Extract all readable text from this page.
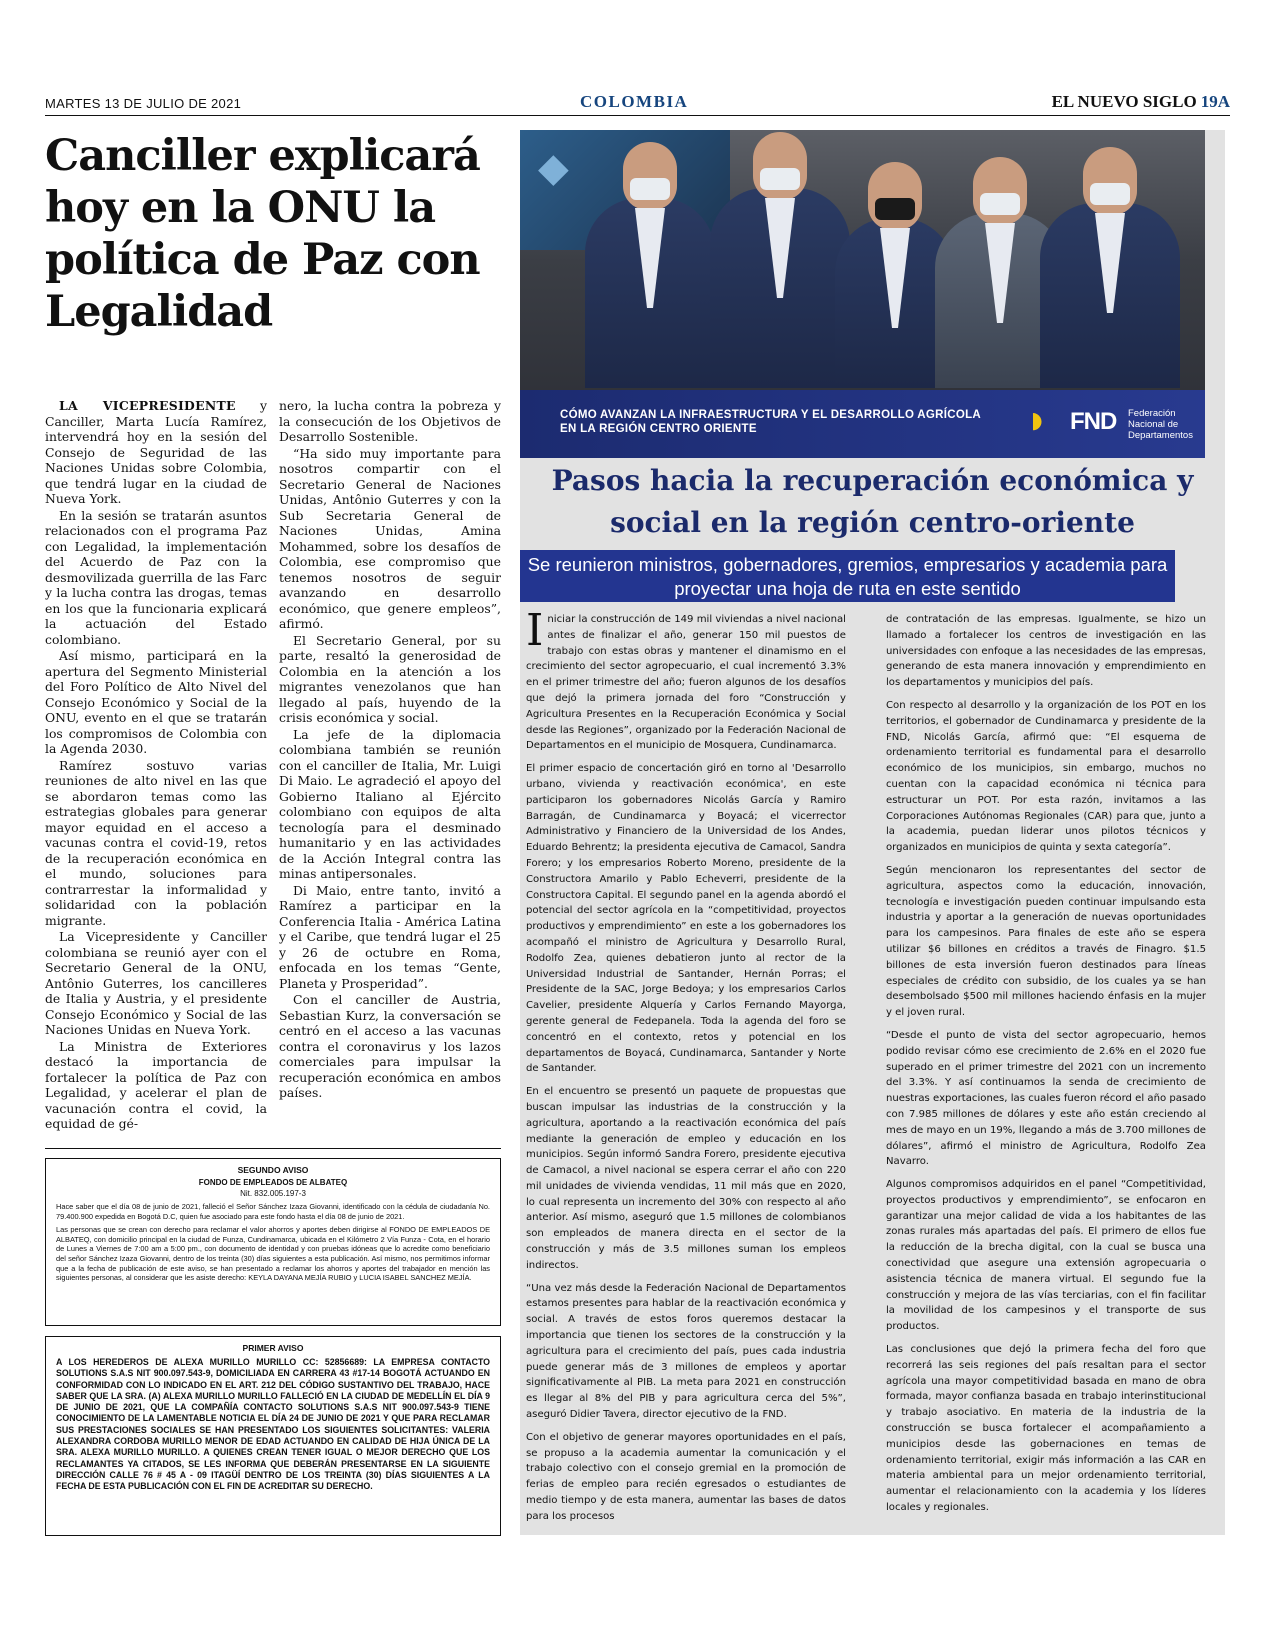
MARTES 13 DE JULIO DE 2021	COLOMBIA	EL NUEVO SIGLO 19A
Canciller explicará hoy en la ONU la política de Paz con Legalidad

LA VICEPRESIDENTE y Canciller, Marta Lucía Ramírez, intervendrá hoy en la sesión del Consejo de Seguridad de las Naciones Unidas sobre Colombia, que tendrá lugar en la ciudad de Nueva York.

En la sesión se tratarán asuntos relacionados con el programa Paz con Legalidad, la implementación del Acuerdo de Paz con la desmovilizada guerrilla de las Farc y la lucha contra las drogas, temas en los que la funcionaria explicará la actuación del Estado colombiano.

Así mismo, participará en la apertura del Segmento Ministerial del Foro Político de Alto Nivel del Consejo Económico y Social de la ONU, evento en el que se tratarán los compromisos de Colombia con la Agenda 2030.

Ramírez sostuvo varias reuniones de alto nivel en las que se abordaron temas como las estrategias globales para generar mayor equidad en el acceso a vacunas contra el covid-19, retos de la recuperación económica en el mundo, soluciones para contrarrestar la informalidad y solidaridad con la población migrante.

La Vicepresidente y Canciller colombiana se reunió ayer con el Secretario General de la ONU, Antônio Guterres, los cancilleres de Italia y Austria, y el presidente Consejo Económico y Social de las Naciones Unidas en Nueva York.

La Ministra de Exteriores destacó la importancia de fortalecer la política de Paz con Legalidad, y acelerar el plan de vacunación contra el covid, la equidad de gé-

nero, la lucha contra la pobreza y la consecución de los Objetivos de Desarrollo Sostenible.

“Ha sido muy importante para nosotros compartir con el Secretario General de Naciones Unidas, Antônio Guterres y con la Sub Secretaria General de Naciones Unidas, Amina Mohammed, sobre los desafíos de Colombia, ese compromiso que tenemos nosotros de seguir avanzando en desarrollo económico, que genere empleos”, afirmó.

El Secretario General, por su parte, resaltó la generosidad de Colombia en la atención a los migrantes venezolanos que han llegado al país, huyendo de la crisis económica y social.

La jefe de la diplomacia colombiana también se reunión con el canciller de Italia, Mr. Luigi Di Maio. Le agradeció el apoyo del Gobierno Italiano al Ejército colombiano con equipos de alta tecnología para el desminado humanitario y en las actividades de la Acción Integral contra las minas antipersonales.

Di Maio, entre tanto, invitó a Ramírez a participar en la Conferencia Italia - América Latina y el Caribe, que tendrá lugar el 25 y 26 de octubre en Roma, enfocada en los temas “Gente, Planeta y Prosperidad”.

Con el canciller de Austria, Sebastian Kurz, la conversación se centró en el acceso a las vacunas contra el coronavirus y los lazos comerciales para impulsar la recuperación económica en ambos países.

SEGUNDO AVISO
FONDO DE EMPLEADOS DE ALBATEQ
Nit. 832.005.197-3
Hace saber que el día 08 de junio de 2021, falleció el Señor Sánchez Izaza Giovanni, identificado con la cédula de ciudadanía No. 79.400.900 expedida en Bogotá D.C, quien fue asociado para este fondo hasta el día 08 de junio de 2021.
Las personas que se crean con derecho para reclamar el valor ahorros y aportes deben dirigirse al FONDO DE EMPLEADOS DE ALBATEQ, con domicilio principal en la ciudad de Funza, Cundinamarca, ubicada en el Kilómetro 2 Vía Funza - Cota, en el horario de Lunes a Viernes de 7:00 am a 5:00 pm., con documento de identidad y con pruebas idóneas que lo acredite como beneficiario del señor Sánchez Izaza Giovanni, dentro de los treinta (30) días siguientes a esta publicación. Así mismo, nos permitimos informar que a la fecha de publicación de este aviso, se han presentado a reclamar los ahorros y aportes del trabajador en mención las siguientes personas, al considerar que les asiste derecho: KEYLA DAYANA MEJÍA RUBIO y LUCIA ISABEL SANCHEZ MEJÍA.
PRIMER AVISO
A LOS HEREDEROS DE ALEXA MURILLO MURILLO CC: 52856689: LA EMPRESA CONTACTO SOLUTIONS S.A.S NIT 900.097.543-9, DOMICILIADA EN CARRERA 43 #17-14 BOGOTÁ ACTUANDO EN CONFORMIDAD CON LO INDICADO EN EL ART. 212 DEL CÓDIGO SUSTANTIVO DEL TRABAJO, HACE SABER QUE LA SRA. (A) ALEXA MURILLO MURILLO FALLECIÓ EN LA CIUDAD DE MEDELLÍN EL DÍA 9 DE JUNIO DE 2021, QUE LA COMPAÑÍA CONTACTO SOLUTIONS S.A.S NIT 900.097.543-9 TIENE CONOCIMIENTO DE LA LAMENTABLE NOTICIA EL DÍA 24 DE JUNIO DE 2021 Y QUE PARA RECLAMAR SUS PRESTACIONES SOCIALES SE HAN PRESENTADO LOS SIGUIENTES SOLICITANTES: VALERIA ALEXANDRA CORDOBA MURILLO MENOR DE EDAD ACTUANDO EN CALIDAD DE HIJA ÚNICA DE LA SRA. ALEXA MURILLO MURILLO. A QUIENES CREAN TENER IGUAL O MEJOR DERECHO QUE LOS RECLAMANTES YA CITADOS, SE LES INFORMA QUE DEBERÁN PRESENTARSE EN LA SIGUIENTE DIRECCIÓN CALLE 76 # 45 A - 09 ITAGÜÍ DENTRO DE LOS TREINTA (30) DÍAS SIGUIENTES A LA FECHA DE ESTA PUBLICACIÓN CON EL FIN DE ACREDITAR SU DERECHO.
◆
CÓMO AVANZAN LA INFRAESTRUCTURA Y EL DESARROLLO AGRÍCOLA EN LA REGIÓN CENTRO ORIENTE	◗ FND Federación Nacional de Departamentos
Pasos hacia la recuperación económica y social en la región centro-oriente
Se reunieron ministros, gobernadores, gremios, empresarios y academia para proyectar una hoja de ruta en este sentido

Iniciar la construcción de 149 mil viviendas a nivel nacional antes de finalizar el año, generar 150 mil puestos de trabajo con estas obras y mantener el dinamismo en el crecimiento del sector agropecuario, el cual incrementó 3.3% en el primer trimestre del año; fueron algunos de los desafíos que dejó la primera jornada del foro “Construcción y Agricultura Presentes en la Recuperación Económica y Social desde las Regiones”, organizado por la Federación Nacional de Departamentos en el municipio de Mosquera, Cundinamarca.

El primer espacio de concertación giró en torno al 'Desarrollo urbano, vivienda y reactivación económica', en este participaron los gobernadores Nicolás García y Ramiro Barragán, de Cundinamarca y Boyacá; el vicerrector Administrativo y Financiero de la Universidad de los Andes, Eduardo Behrentz; la presidenta ejecutiva de Camacol, Sandra Forero; y los empresarios Roberto Moreno, presidente de la Constructora Amarilo y Pablo Echeverri, presidente de la Constructora Capital. El segundo panel en la agenda abordó el potencial del sector agrícola en la “competitividad, proyectos productivos y emprendimiento” en este a los gobernadores los acompañó el ministro de Agricultura y Desarrollo Rural, Rodolfo Zea, quienes debatieron junto al rector de la Universidad Industrial de Santander, Hernán Porras; el Presidente de la SAC, Jorge Bedoya; y los empresarios Carlos Cavelier, presidente Alquería y Carlos Fernando Mayorga, gerente general de Fedepanela. Toda la agenda del foro se concentró en el contexto, retos y potencial en los departamentos de Boyacá, Cundinamarca, Santander y Norte de Santander.

En el encuentro se presentó un paquete de propuestas que buscan impulsar las industrias de la construcción y la agricultura, aportando a la reactivación económica del país mediante la generación de empleo y educación en los municipios. Según informó Sandra Forero, presidente ejecutiva de Camacol, a nivel nacional se espera cerrar el año con 220 mil unidades de vivienda vendidas, 11 mil más que en 2020, lo cual representa un incremento del 30% con respecto al año anterior. Así mismo, aseguró que 1.5 millones de colombianos son empleados de manera directa en el sector de la construcción y más de 3.5 millones suman los empleos indirectos.

“Una vez más desde la Federación Nacional de Departamentos estamos presentes para hablar de la reactivación económica y social. A través de estos foros queremos destacar la importancia que tienen los sectores de la construcción y la agricultura para el crecimiento del país, pues cada industria puede generar más de 3 millones de empleos y aportar significativamente al PIB. La meta para 2021 en construcción es llegar al 8% del PIB y para agricultura cerca del 5%”, aseguró Didier Tavera, director ejecutivo de la FND.

Con el objetivo de generar mayores oportunidades en el país, se propuso a la academia aumentar la comunicación y el trabajo colectivo con el consejo gremial en la promoción de ferias de empleo para recién egresados o estudiantes de medio tiempo y de esta manera, aumentar las bases de datos para los procesos

de contratación de las empresas. Igualmente, se hizo un llamado a fortalecer los centros de investigación en las universidades con enfoque a las necesidades de las empresas, generando de esta manera innovación y emprendimiento en los departamentos y municipios del país.

Con respecto al desarrollo y la organización de los POT en los territorios, el gobernador de Cundinamarca y presidente de la FND, Nicolás García, afirmó que: “El esquema de ordenamiento territorial es fundamental para el desarrollo económico de los municipios, sin embargo, muchos no cuentan con la capacidad económica ni técnica para estructurar un POT. Por esta razón, invitamos a las Corporaciones Autónomas Regionales (CAR) para que, junto a la academia, puedan liderar unos pilotos técnicos y organizados en municipios de quinta y sexta categoría”.

Según mencionaron los representantes del sector de agricultura, aspectos como la educación, innovación, tecnología e investigación pueden continuar impulsando esta industria y aportar a la generación de nuevas oportunidades para los campesinos. Para finales de este año se espera utilizar $6 billones en créditos a través de Finagro. $1.5 billones de esta inversión fueron destinados para líneas especiales de crédito con subsidio, de los cuales ya se han desembolsado $500 mil millones haciendo énfasis en la mujer y el joven rural.

“Desde el punto de vista del sector agropecuario, hemos podido revisar cómo ese crecimiento de 2.6% en el 2020 fue superado en el primer trimestre del 2021 con un incremento del 3.3%. Y así continuamos la senda de crecimiento de nuestras exportaciones, las cuales fueron récord el año pasado con 7.985 millones de dólares y este año están creciendo al mes de mayo en un 19%, llegando a más de 3.700 millones de dólares”, afirmó el ministro de Agricultura, Rodolfo Zea Navarro.

Algunos compromisos adquiridos en el panel “Competitividad, proyectos productivos y emprendimiento”, se enfocaron en garantizar una mejor calidad de vida a los habitantes de las zonas rurales más apartadas del país. El primero de ellos fue la reducción de la brecha digital, con la cual se busca una conectividad que asegure una extensión agropecuaria o asistencia técnica de manera virtual. El segundo fue la construcción y mejora de las vías terciarias, con el fin facilitar la movilidad de los campesinos y el transporte de sus productos.

Las conclusiones que dejó la primera fecha del foro que recorrerá las seis regiones del país resaltan para el sector agrícola una mayor competitividad basada en mano de obra formada, mayor confianza basada en trabajo interinstitucional y trabajo asociativo. En materia de la industria de la construcción se busca fortalecer el acompañamiento a municipios desde las gobernaciones en temas de ordenamiento territorial, exigir más información a las CAR en materia ambiental para un mejor ordenamiento territorial, aumentar el relacionamiento con la academia y los líderes locales y regionales.
